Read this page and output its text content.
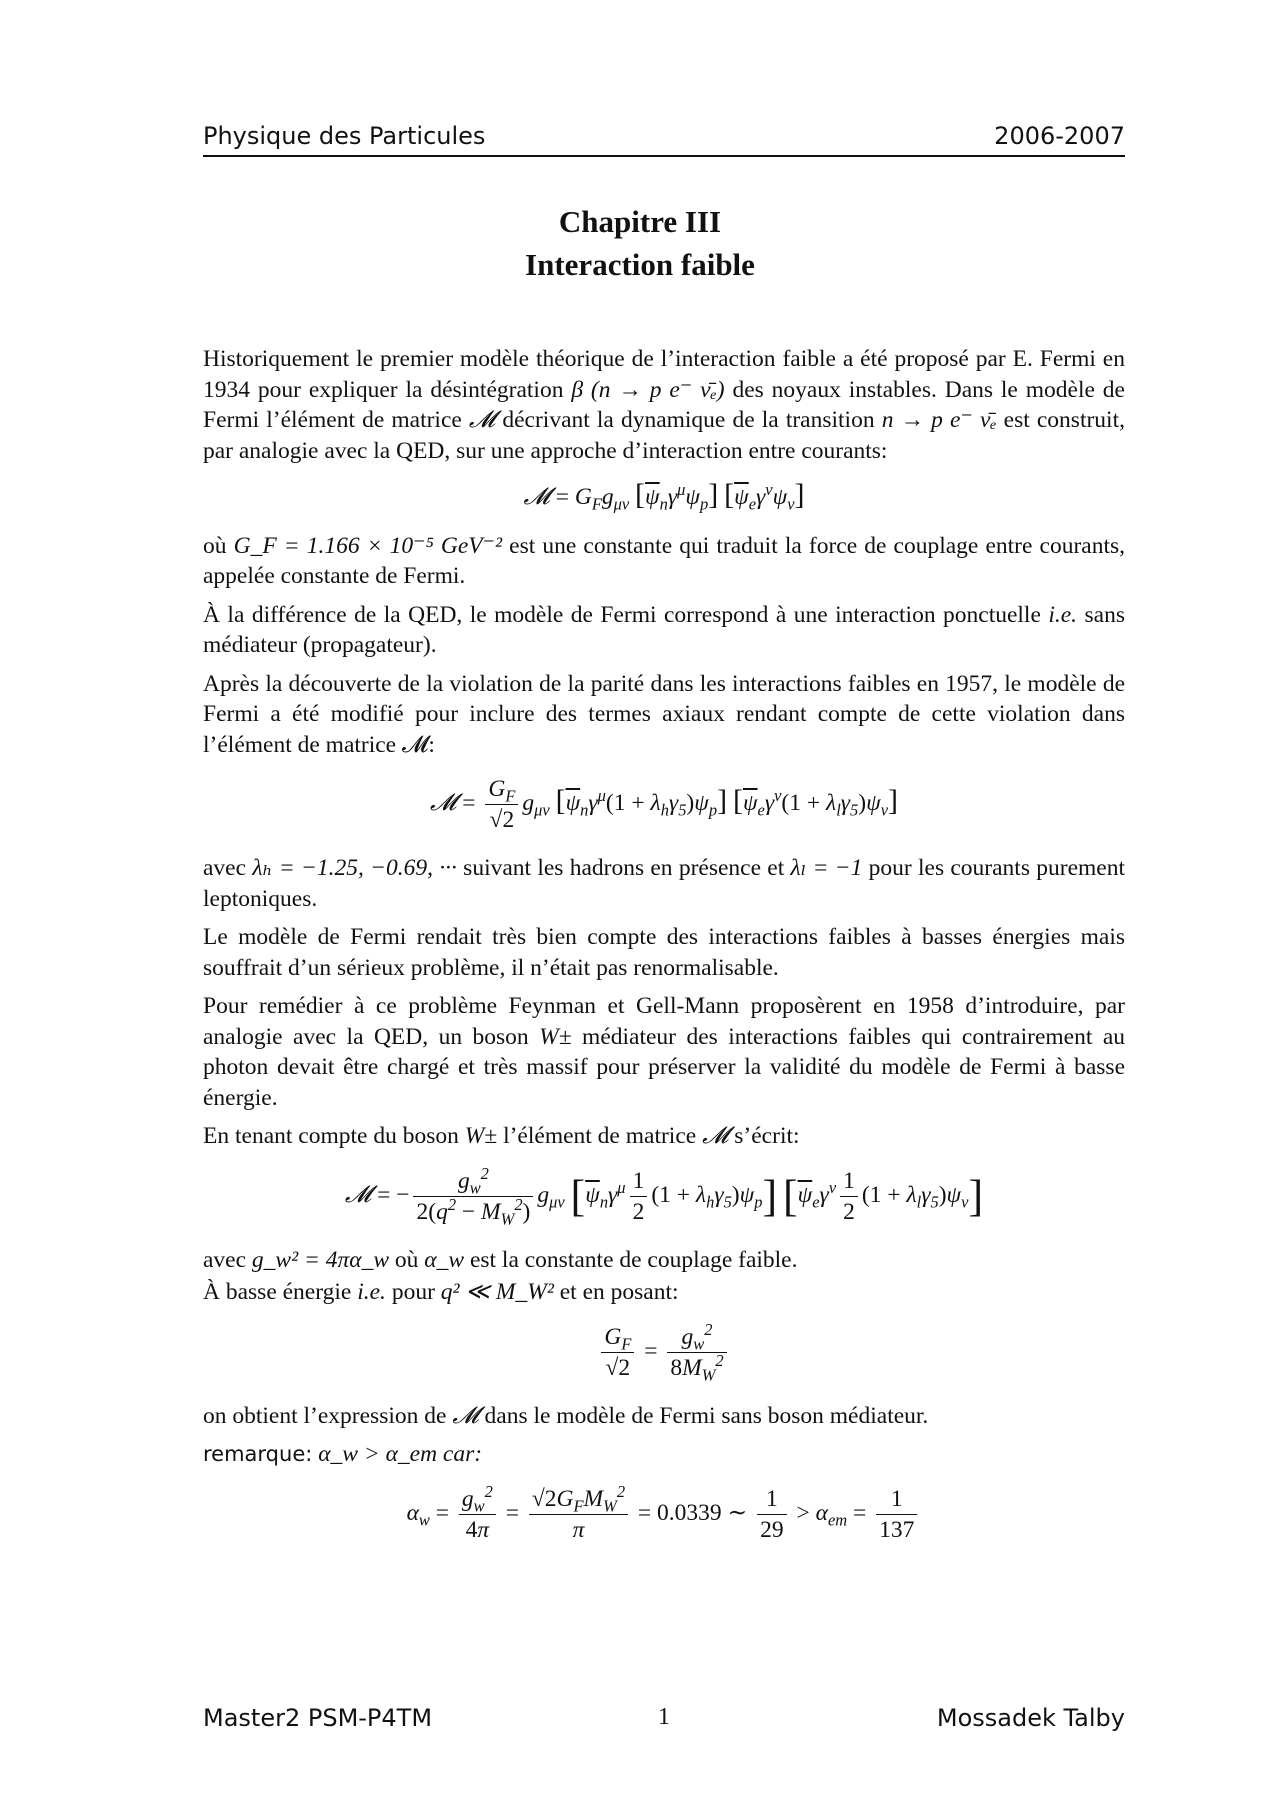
Physique des Particules	2006-2007
Chapitre III
Interaction faible

Historiquement le premier modèle théorique de l’interaction faible a été proposé par E. Fermi en 1934 pour expliquer la désintégration β (n → p e⁻ ν̄ₑ) des noyaux instables. Dans le modèle de Fermi l’élément de matrice 𝓜 décrivant la dynamique de la transition n → p e⁻ ν̄ₑ est construit, par analogie avec la QED, sur une approche d’interaction entre courants:

𝓜 = $G_Fg_{\mu\nu}$ $[\overline{\psi}_n\gamma^\mu\psi_p]$ $[\overline{\psi}_e\gamma^\nu\psi_\nu]$

où G_F = 1.166 × 10⁻⁵ GeV⁻² est une constante qui traduit la force de couplage entre courants, appelée constante de Fermi.

À la différence de la QED, le modèle de Fermi correspond à une interaction ponctuelle i.e. sans médiateur (propagateur).

Après la découverte de la violation de la parité dans les interactions faibles en 1957, le modèle de Fermi a été modifié pour inclure des termes axiaux rendant compte de cette violation dans l’élément de matrice 𝓜:

𝓜 = $\frac{G_F}{√2} g_{\mu\nu}$ $[\overline{\psi}_n\gamma^\mu(1 + \lambda_h\gamma_5)\psi_p] [\overline{\psi}_e\gamma^\nu(1 + \lambda_l\gamma_5)\psi_\nu]$

avec λₕ = −1.25, −0.69, ··· suivant les hadrons en présence et λₗ = −1 pour les courants purement leptoniques.

Le modèle de Fermi rendait très bien compte des interactions faibles à basses énergies mais souffrait d’un sérieux problème, il n’était pas renormalisable.

Pour remédier à ce problème Feynman et Gell-Mann proposèrent en 1958 d’introduire, par analogie avec la QED, un boson W± médiateur des interactions faibles qui contrairement au photon devait être chargé et très massif pour préserver la validité du modèle de Fermi à basse énergie.

En tenant compte du boson W± l’élément de matrice 𝓜 s’écrit:

𝓜 = − $\frac{g_w^2}{2(q^2 - M_W^2)} g_{\mu\nu}$ $[\overline{\psi}_n\gamma^\mu \frac{1}{2} (1 + \lambda_h\gamma_5)\psi_p]$ $[\overline{\psi}_e\gamma^\nu \frac{1}{2} (1 + \lambda_l\gamma_5)\psi_\nu]$

avec g_w² = 4πα_w où α_w est la constante de couplage faible.

À basse énergie i.e. pour q² ≪ M_W² et en posant:

$\frac{G_F}{√2} = \frac{g_w^2}{8M_W^2}$

on obtient l’expression de 𝓜 dans le modèle de Fermi sans boson médiateur.

remarque: α_w > α_em car:

$\alpha_w = \frac{g_w^2}{4\pi} = \frac{√2G_FM_W^2}{\pi} = 0.0339$ ∼ $\frac{1}{29} > \alpha_{em} = \frac{1}{137}$
Master2 PSM-P4TM	1	Mossadek Talby
